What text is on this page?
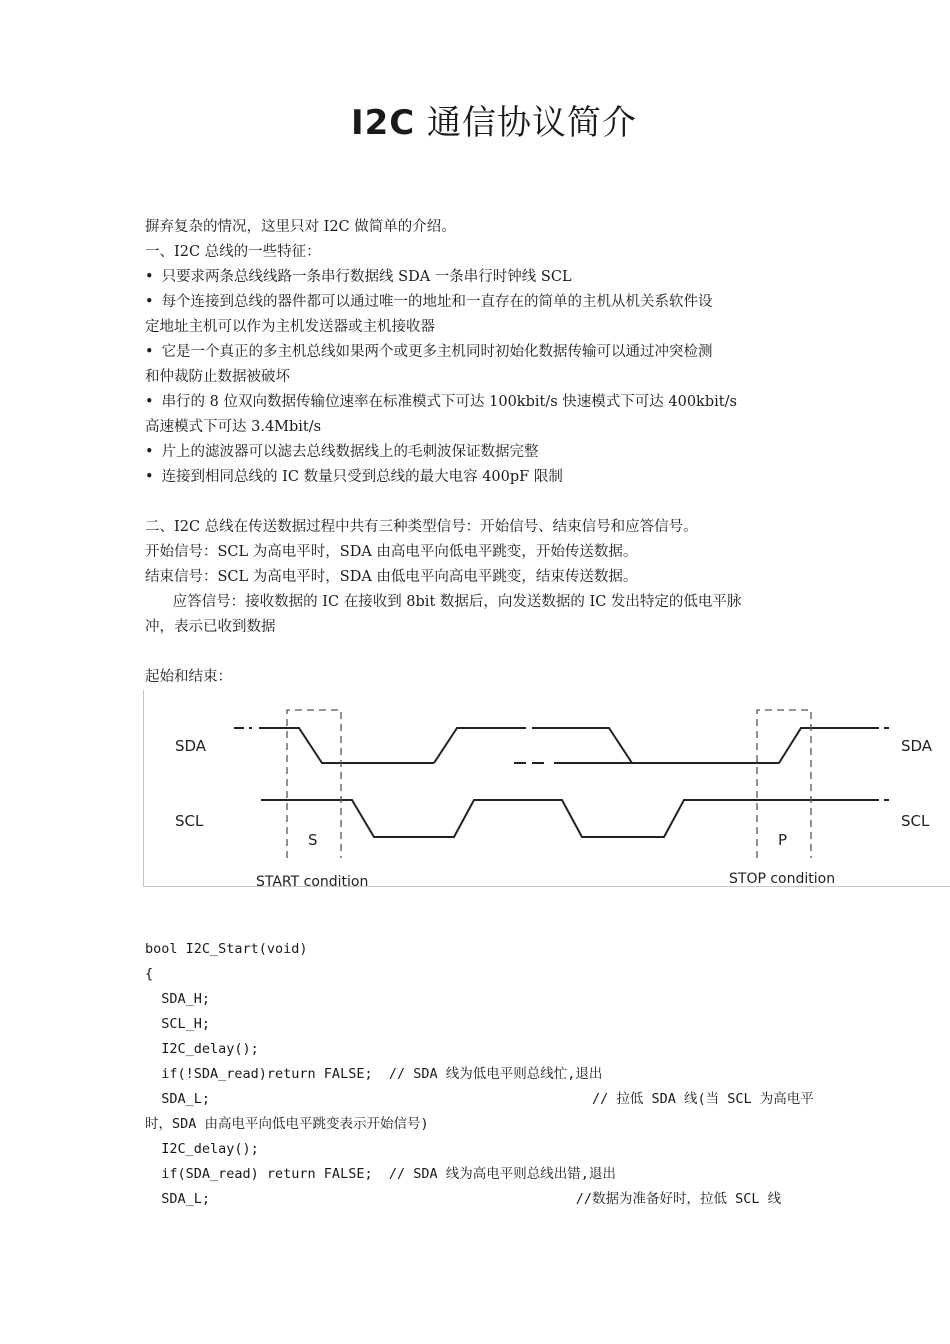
I2C 通信协议简介
摒弃复杂的情况，这里只对 I2C 做简单的介绍。
一、I2C 总线的一些特征：
• 只要求两条总线线路一条串行数据线 SDA 一条串行时钟线 SCL
• 每个连接到总线的器件都可以通过唯一的地址和一直存在的简单的主机从机关系软件设
定地址主机可以作为主机发送器或主机接收器
• 它是一个真正的多主机总线如果两个或更多主机同时初始化数据传输可以通过冲突检测
和仲裁防止数据被破坏
• 串行的 8 位双向数据传输位速率在标准模式下可达 100kbit/s 快速模式下可达 400kbit/s
高速模式下可达 3.4Mbit/s
• 片上的滤波器可以滤去总线数据线上的毛刺波保证数据完整
• 连接到相同总线的 IC 数量只受到总线的最大电容 400pF 限制
二、I2C 总线在传送数据过程中共有三种类型信号：开始信号、结束信号和应答信号。
开始信号：SCL 为高电平时，SDA 由高电平向低电平跳变，开始传送数据。
结束信号：SCL 为高电平时，SDA 由低电平向高电平跳变，结束传送数据。
应答信号：接收数据的 IC 在接收到 8bit 数据后，向发送数据的 IC 发出特定的低电平脉
冲，表示已收到数据
起始和结束：
SDA	SDA
SCL	SCL
S	P
START condition	STOP condition
bool I2C_Start(void)
{
SDA_H;
SCL_H;
I2C_delay();
if(!SDA_read)return FALSE;  // SDA 线为低电平则总线忙,退出
SDA_L;                                               // 拉低 SDA 线(当 SCL 为高电平
时，SDA 由高电平向低电平跳变表示开始信号)
I2C_delay();
if(SDA_read) return FALSE;  // SDA 线为高电平则总线出错,退出
SDA_L;                                             //数据为准备好时，拉低 SCL 线
